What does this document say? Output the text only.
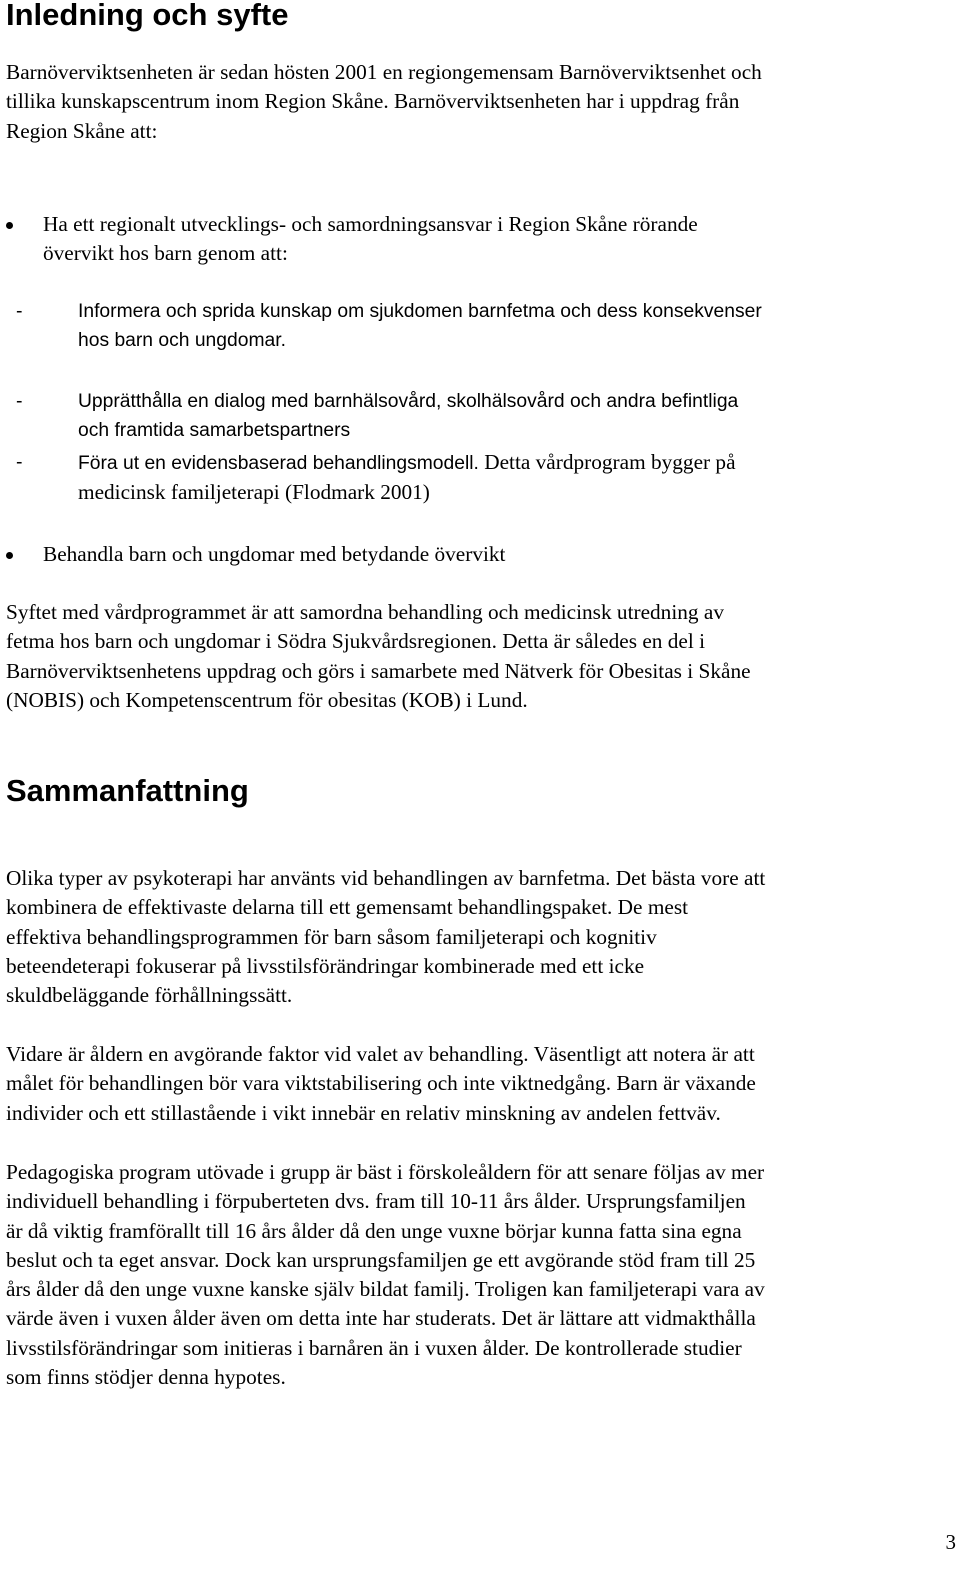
Inledning och syfte

Barnöverviktsenheten är sedan hösten 2001 en regiongemensam Barnöverviktsenhet och

tillika kunskapscentrum inom Region Skåne. Barnöverviktsenheten har i uppdrag från

Region Skåne att:

Ha ett regionalt utvecklings- och samordningsansvar i Region Skåne rörande

övervikt hos barn genom att:

-	Informera och sprida kunskap om sjukdomen barnfetma och dess konsekvenser
hos barn och ungdomar.
-	Upprätthålla en dialog med barnhälsovård, skolhälsovård och andra befintliga
och framtida samarbetspartners
-	Föra ut en evidensbaserad behandlingsmodell. Detta vårdprogram bygger på
medicinsk familjeterapi (Flodmark 2001)

Behandla barn och ungdomar med betydande övervikt

Syftet med vårdprogrammet är att samordna behandling och medicinsk utredning av

fetma hos barn och ungdomar i Södra Sjukvårdsregionen. Detta är således en del i

Barnöverviktsenhetens uppdrag och görs i samarbete med Nätverk för Obesitas i Skåne

(NOBIS) och Kompetenscentrum för obesitas (KOB) i Lund.

Sammanfattning

Olika typer av psykoterapi har använts vid behandlingen av barnfetma. Det bästa vore att

kombinera de effektivaste delarna till ett gemensamt behandlingspaket. De mest

effektiva behandlingsprogrammen för barn såsom familjeterapi och kognitiv

beteendeterapi fokuserar på livsstilsförändringar kombinerade med ett icke

skuldbeläggande förhållningssätt.

Vidare är åldern en avgörande faktor vid valet av behandling. Väsentligt att notera är att

målet för behandlingen bör vara viktstabilisering och inte viktnedgång. Barn är växande

individer och ett stillastående i vikt innebär en relativ minskning av andelen fettväv.

Pedagogiska program utövade i grupp är bäst i förskoleåldern för att senare följas av mer

individuell behandling i förpuberteten dvs. fram till 10-11 års ålder. Ursprungsfamiljen

är då viktig framförallt till 16 års ålder då den unge vuxne börjar kunna fatta sina egna

beslut och ta eget ansvar. Dock kan ursprungsfamiljen ge ett avgörande stöd fram till 25

års ålder då den unge vuxne kanske själv bildat familj. Troligen kan familjeterapi vara av

värde även i vuxen ålder även om detta inte har studerats. Det är lättare att vidmakthålla

livsstilsförändringar som initieras i barnåren än i vuxen ålder. De kontrollerade studier

som finns stödjer denna hypotes.

3
